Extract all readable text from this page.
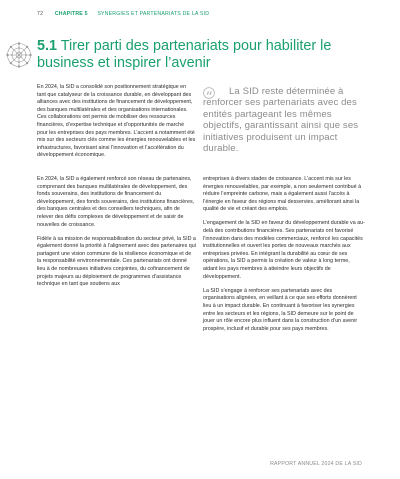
72 CHAPITRE 5 SYNERGIES ET PARTENARIATS DE LA SID
5.1 Tirer parti des partenariats pour habiliter le business et inspirer l’avenir

En 2024, la SID a consolidé son positionnement stratégique en tant que catalyseur de la croissance durable, en développant des alliances avec des institutions de financement de développement, des banques multilatérales et des organisations internationales. Ces collaborations ont permis de mobiliser des ressources financières, d’expertise technique et d’opportunités de marché pour les entreprises des pays membres. L’accent a notamment été mis sur des secteurs clés comme les énergies renouvelables et les infrastructures, favorisant ainsi l’innovation et l’accélération du développement économique.

La SID reste déterminée à renforcer ses partenariats avec des entités partageant les mêmes objectifs, garantissant ainsi que ses initiatives produisent un impact durable.

En 2024, la SID a également renforcé son réseau de partenaires, comprenant des banques multilatérales de développement, des fonds souverains, des institutions de financement du développement, des fonds souverains, des institutions financières, des banques centrales et des conseillers techniques, afin de relever des défis complexes de développement et de saisir de nouvelles de croissance.

Fidèle à sa mission de responsabilisation du secteur privé, la SID a également donné la priorité à l’alignement avec des partenaires qui partagent une vision commune de la résilience économique et de la responsabilité environnementale. Ces partenariats ont donné lieu à de nombreuses initiatives conjointes, du cofinancement de projets majeurs au déploiement de programmes d’assistance technique en tant que soutiens aux

entreprises à divers stades de croissance. L’accent mis sur les énergies renouvelables, par exemple, a non seulement contribué à réduire l’empreinte carbone, mais a également aussi l’accès à l’énergie en faveur des régions mal desservies, améliorant ainsi la qualité de vie et créant des emplois.

L’engagement de la SID en faveur du développement durable va au-delà des contributions financières. Ses partenariats ont favorisé l’innovation dans des modèles commerciaux, renforcé les capacités institutionnelles et ouvert les portes de nouveaux marchés aux entreprises privées. En intégrant la durabilité au cœur de ses opérations, la SID a permis la création de valeur à long terme, aidant les pays membres à atteindre leurs objectifs de développement.

La SID s’engage à renforcer ses partenariats avec des organisations alignées, en veillant à ce que ses efforts donnèrent lieu à un impact durable. En continuant à favoriser les synergies entre les secteurs et les régions, la SID demeure sur le point de jouer un rôle encore plus influent dans la construction d’un avenir prospère, inclusif et durable pour ses pays membres.

RAPPORT ANNUEL 2024 DE LA SID
